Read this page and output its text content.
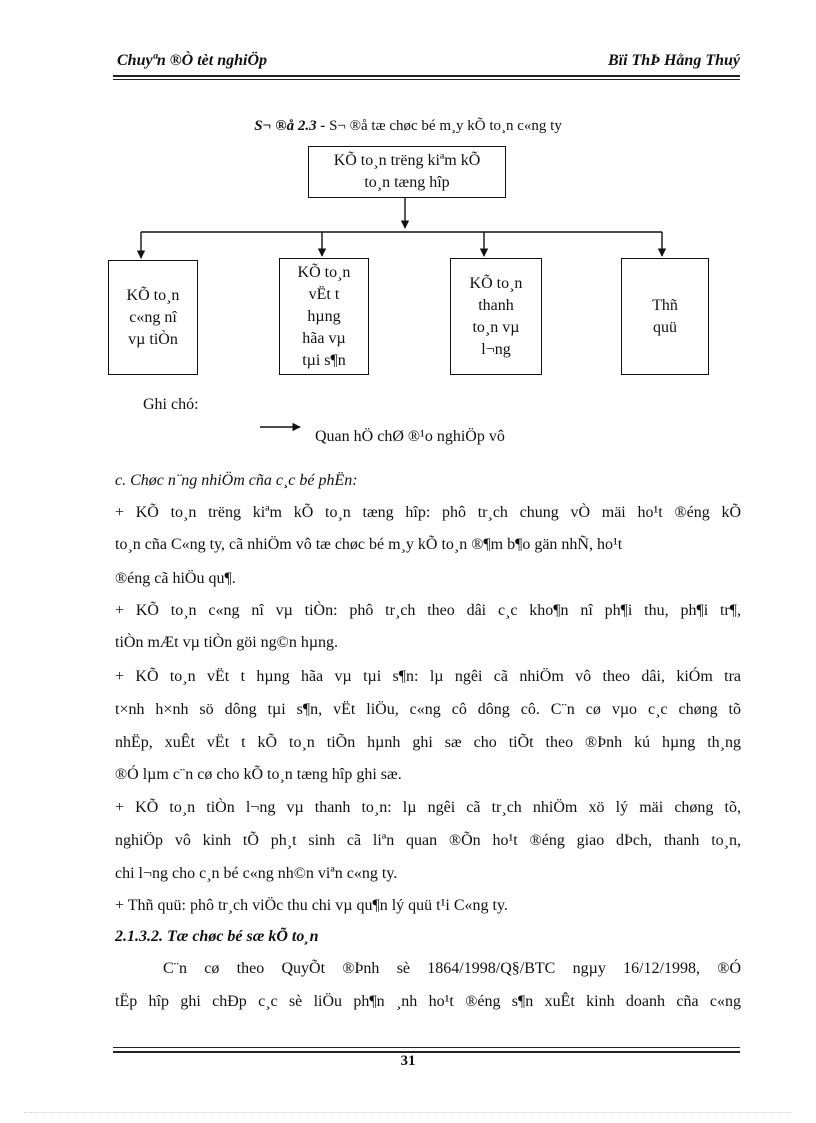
Chuyªn ®Ò tèt nghiÖp	Bïi ThÞ Hằng Thuý
S¬ ®å 2.3 - S¬ ®å tæ chøc bé m¸y kÕ to¸n c«ng ty
KÕ to¸n trëng kiªm kÕ
to¸n tæng hîp
KÕ to¸n
c«ng nî
vµ tiÒn
KÕ to¸n
vËt t
hµng
hãa vµ
tµi s¶n
KÕ to¸n
thanh
to¸n vµ
l¬ng
Thñ
quü
Ghi chó:
Quan hÖ chØ ®¹o nghiÖp vô
c. Chøc n¨ng nhiÖm cña c¸c bé phËn:
+ KÕ to¸n trëng kiªm kÕ to¸n tæng hîp: phô tr¸ch chung vÒ mäi ho¹t ®éng kÕ
to¸n cña C«ng ty, cã nhiÖm vô tæ chøc bé m¸y kÕ to¸n ®¶m b¶o gän nhÑ, ho¹t
®éng cã hiÖu qu¶.
+ KÕ to¸n c«ng nî vµ tiÒn: phô tr¸ch theo dâi c¸c kho¶n nî ph¶i thu, ph¶i tr¶,
tiÒn mÆt vµ tiÒn göi ng©n hµng.
+ KÕ to¸n vËt t hµng hãa vµ tµi s¶n: lµ ngêi cã nhiÖm vô theo dâi, kiÓm tra
t×nh h×nh sö dông tµi s¶n, vËt liÖu, c«ng cô dông cô. C¨n cø vµo c¸c chøng tõ
nhËp, xuÊt vËt t kÕ to¸n tiÕn hµnh ghi sæ cho tiÕt theo ®Þnh kú hµng th¸ng
®Ó lµm c¨n cø cho kÕ to¸n tæng hîp ghi sæ.
+ KÕ to¸n tiÒn l¬ng vµ thanh to¸n: lµ ngêi cã tr¸ch nhiÖm xö lý mäi chøng tõ,
nghiÖp vô kinh tÕ ph¸t sinh cã liªn quan ®Õn ho¹t ®éng giao dÞch, thanh to¸n,
chi l¬ng cho c¸n bé c«ng nh©n viªn c«ng ty.
+ Thñ quü: phô tr¸ch viÖc thu chi vµ qu¶n lý quü t¹i C«ng ty.
2.1.3.2. Tæ chøc bé sæ kÕ to¸n
C¨n cø theo QuyÕt ®Þnh sè 1864/1998/Q§/BTC ngµy 16/12/1998, ®Ó
tËp hîp ghi chÐp c¸c sè liÖu ph¶n ¸nh ho¹t ®éng s¶n xuÊt kinh doanh cña c«ng
31
